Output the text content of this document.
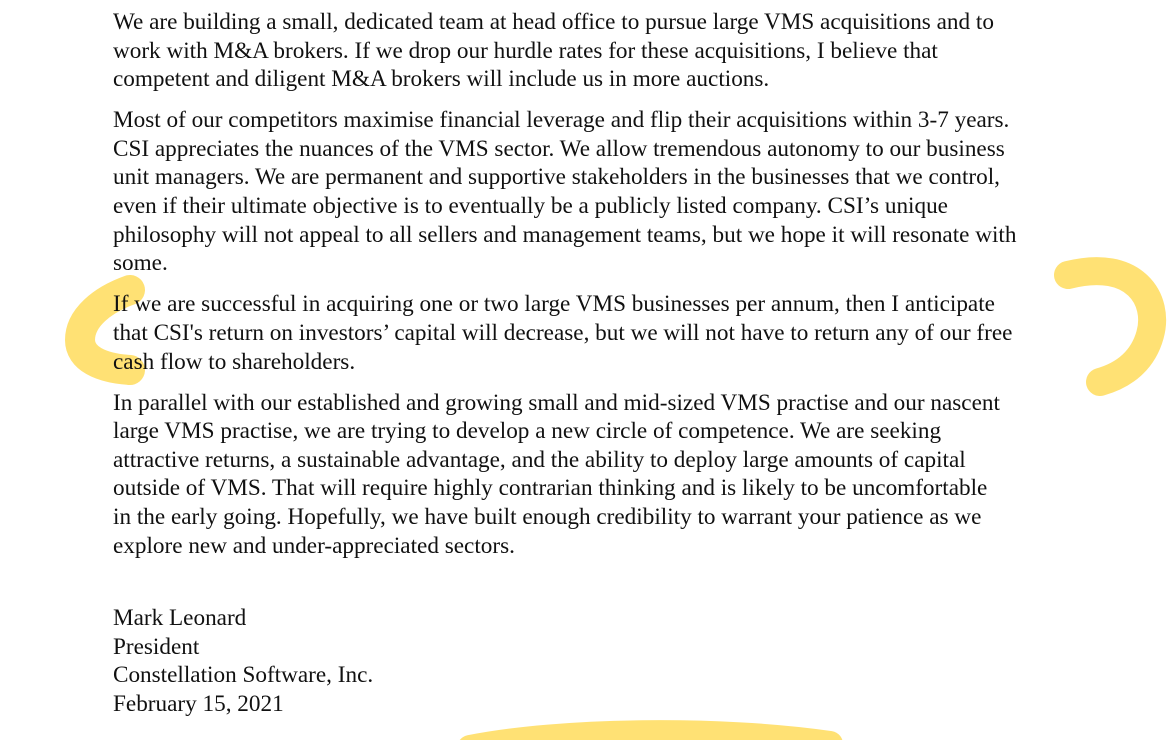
We are building a small, dedicated team at head office to pursue large VMS acquisitions and to
work with M&A brokers. If we drop our hurdle rates for these acquisitions, I believe that
competent and diligent M&A brokers will include us in more auctions.

Most of our competitors maximise financial leverage and flip their acquisitions within 3-7 years.
CSI appreciates the nuances of the VMS sector. We allow tremendous autonomy to our business
unit managers. We are permanent and supportive stakeholders in the businesses that we control,
even if their ultimate objective is to eventually be a publicly listed company. CSI’s unique
philosophy will not appeal to all sellers and management teams, but we hope it will resonate with
some.

If we are successful in acquiring one or two large VMS businesses per annum, then I anticipate
that CSI's return on investors’ capital will decrease, but we will not have to return any of our free
cash flow to shareholders.

In parallel with our established and growing small and mid-sized VMS practise and our nascent
large VMS practise, we are trying to develop a new circle of competence. We are seeking
attractive returns, a sustainable advantage, and the ability to deploy large amounts of capital
outside of VMS. That will require highly contrarian thinking and is likely to be uncomfortable
in the early going. Hopefully, we have built enough credibility to warrant your patience as we
explore new and under-appreciated sectors.

Mark Leonard
President
Constellation Software, Inc.
February 15, 2021
